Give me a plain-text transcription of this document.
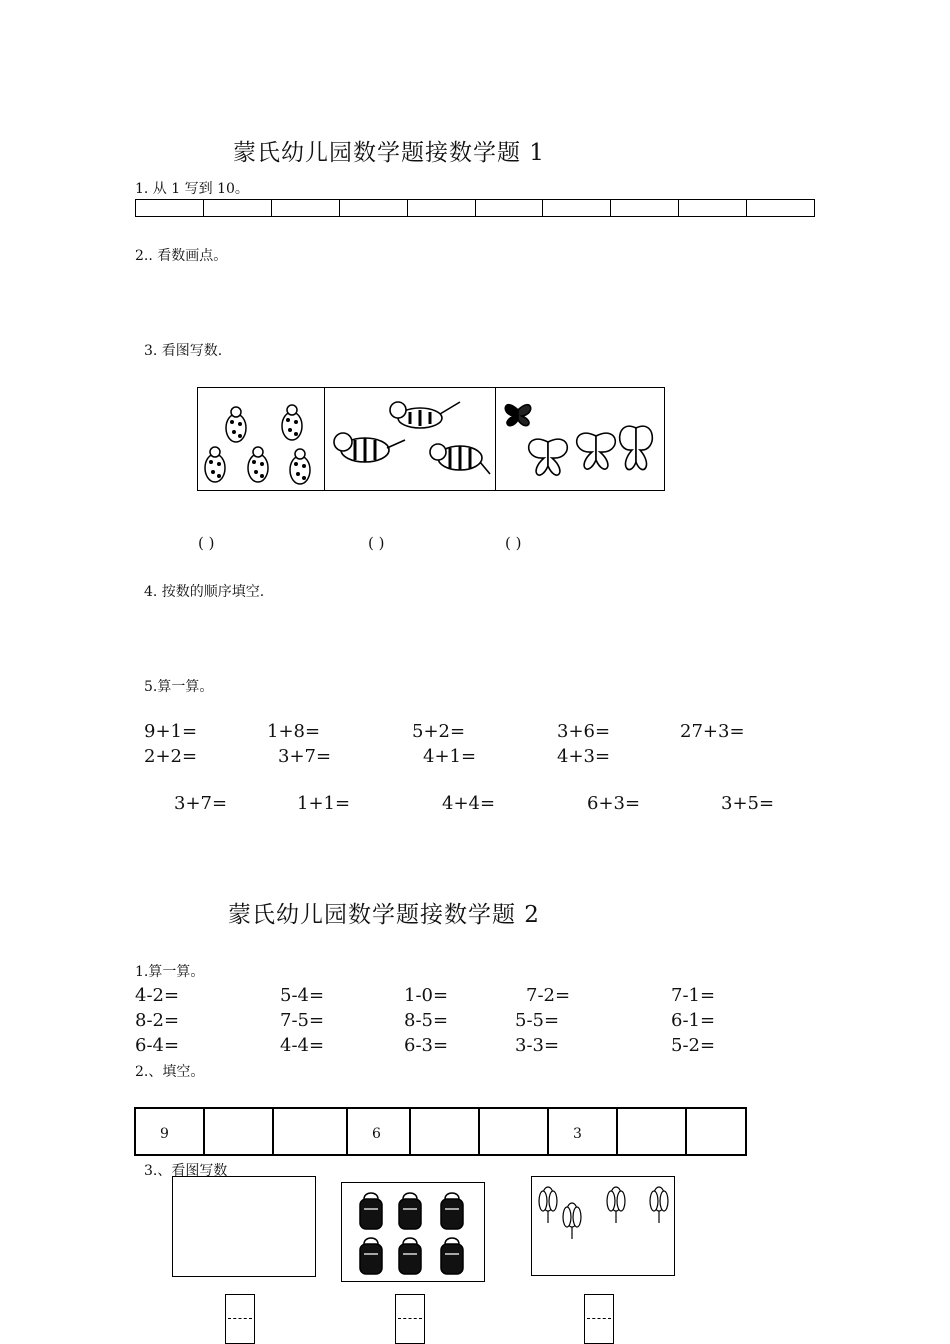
蒙氏幼儿园数学题接数学题 1
1. 从 1 写到 10。
2.. 看数画点。
3. 看图写数.
( )	( )	( )
4. 按数的顺序填空.
5.算一算。
9+1=	1+8=	5+2=	3+6=	27+3=
2+2=	3+7=	4+1=	4+3=
3+7=	1+1=	4+4=	6+3=	3+5=
蒙氏幼儿园数学题接数学题 2
1.算一算。
4-2=	5-4=	1-0=	7-2=	7-1=
8-2=	7-5=	8-5=	5-5=	6-1=
6-4=	4-4=	6-3=	3-3=	5-2=
2.、填空。
9	6	3
3.、看图写数
